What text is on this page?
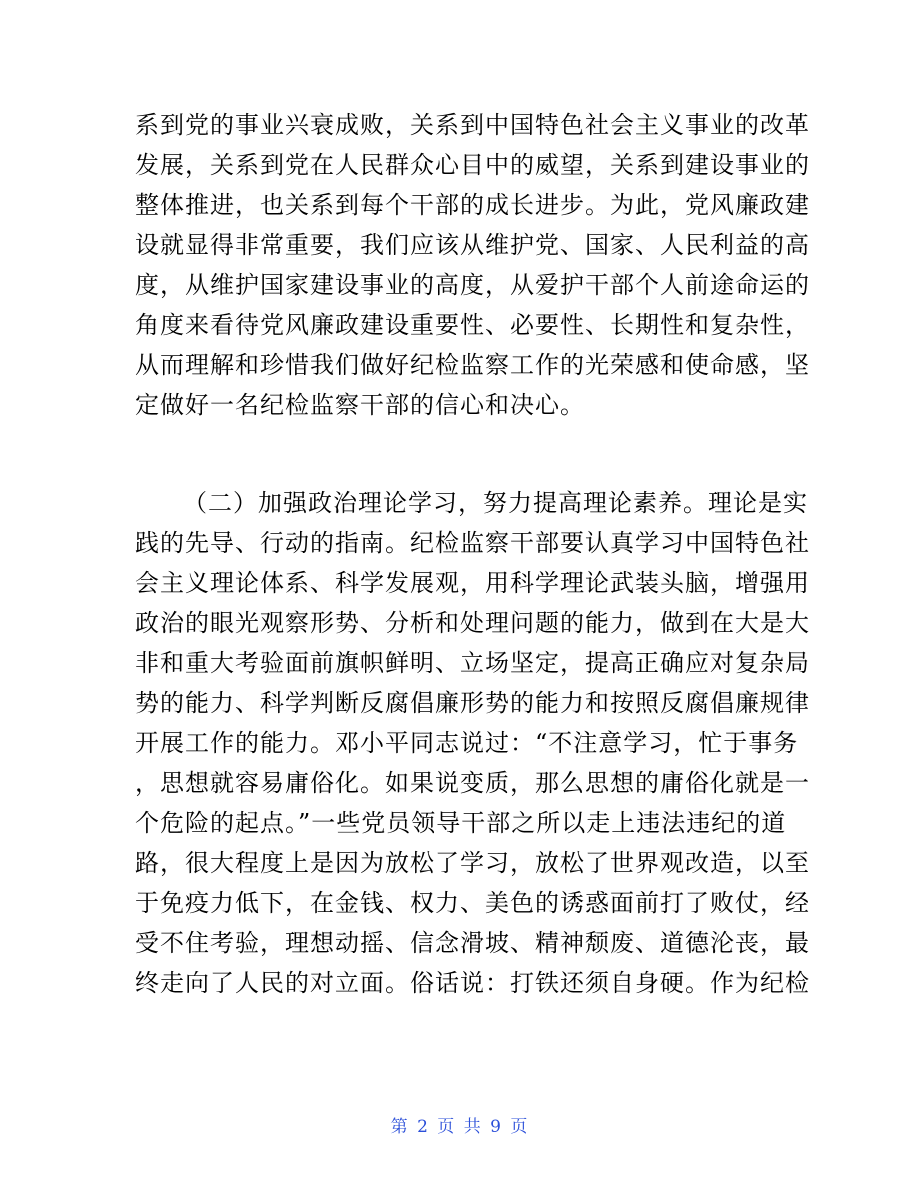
系到党的事业兴衰成败，关系到中国特色社会主义事业的改革
发展，关系到党在人民群众心目中的威望，关系到建设事业的
整体推进，也关系到每个干部的成长进步。为此，党风廉政建
设就显得非常重要，我们应该从维护党、国家、人民利益的高
度，从维护国家建设事业的高度，从爱护干部个人前途命运的
角度来看待党风廉政建设重要性、必要性、长期性和复杂性，
从而理解和珍惜我们做好纪检监察工作的光荣感和使命感，坚
定做好一名纪检监察干部的信心和决心。
（二）加强政治理论学习，努力提高理论素养。理论是实
践的先导、行动的指南。纪检监察干部要认真学习中国特色社
会主义理论体系、科学发展观，用科学理论武装头脑，增强用
政治的眼光观察形势、分析和处理问题的能力，做到在大是大
非和重大考验面前旗帜鲜明、立场坚定，提高正确应对复杂局
势的能力、科学判断反腐倡廉形势的能力和按照反腐倡廉规律
开展工作的能力。邓小平同志说过：“不注意学习，忙于事务
，思想就容易庸俗化。如果说变质，那么思想的庸俗化就是一
个危险的起点。”一些党员领导干部之所以走上违法违纪的道
路，很大程度上是因为放松了学习，放松了世界观改造，以至
于免疫力低下，在金钱、权力、美色的诱惑面前打了败仗，经
受不住考验，理想动摇、信念滑坡、精神颓废、道德沦丧，最
终走向了人民的对立面。俗话说：打铁还须自身硬。作为纪检
第 2 页 共 9 页
